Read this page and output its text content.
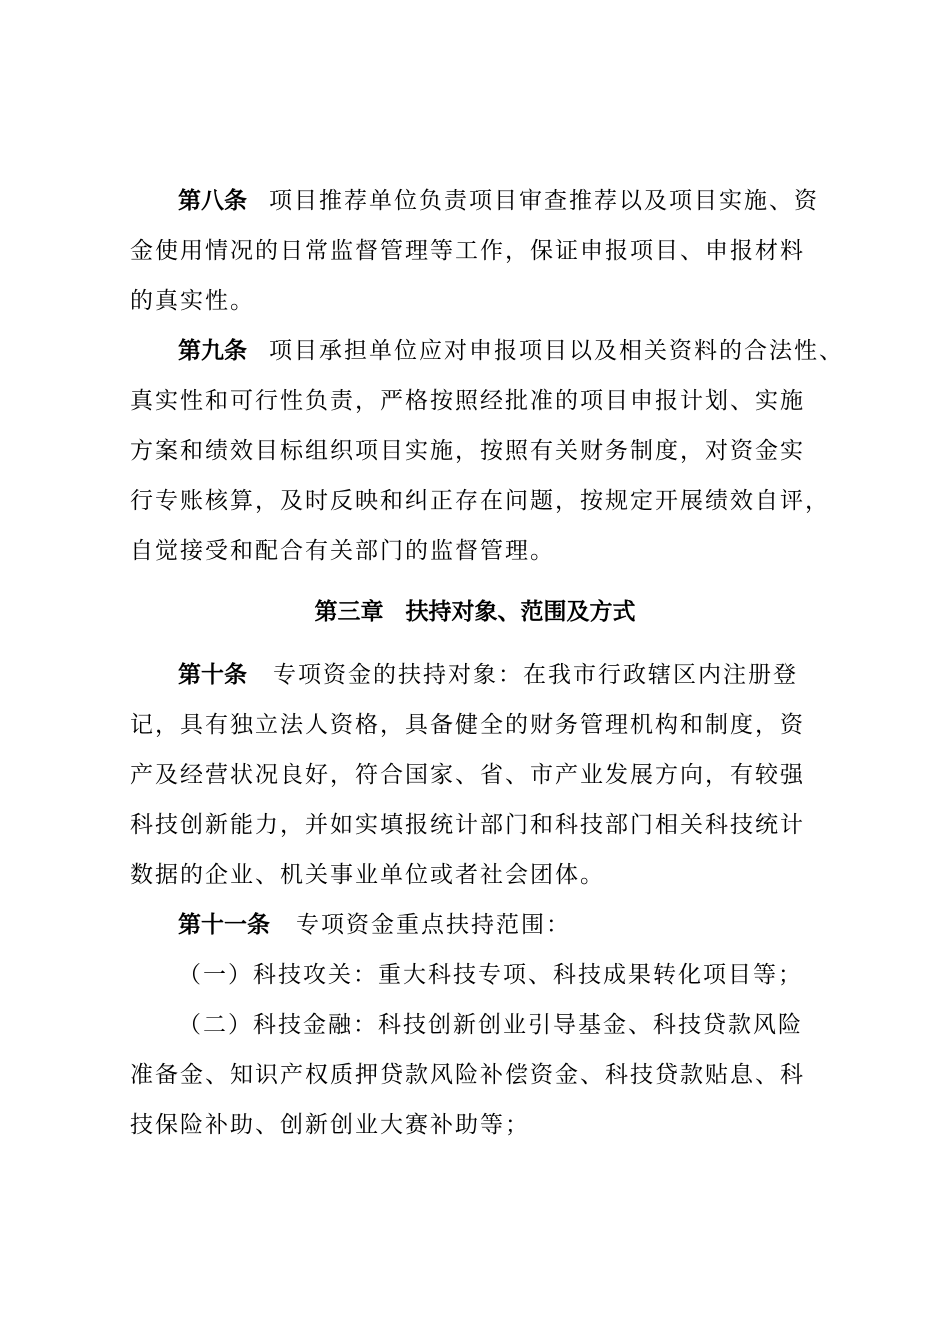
第八条 项目推荐单位负责项目审查推荐以及项目实施、资
金使用情况的日常监督管理等工作，保证申报项目、申报材料
的真实性。
第九条 项目承担单位应对申报项目以及相关资料的合法性、
真实性和可行性负责，严格按照经批准的项目申报计划、实施
方案和绩效目标组织项目实施，按照有关财务制度，对资金实
行专账核算，及时反映和纠正存在问题，按规定开展绩效自评，
自觉接受和配合有关部门的监督管理。
第三章 扶持对象、范围及方式
第十条 专项资金的扶持对象：在我市行政辖区内注册登
记，具有独立法人资格，具备健全的财务管理机构和制度，资
产及经营状况良好，符合国家、省、市产业发展方向，有较强
科技创新能力，并如实填报统计部门和科技部门相关科技统计
数据的企业、机关事业单位或者社会团体。
第十一条 专项资金重点扶持范围：
（一）科技攻关：重大科技专项、科技成果转化项目等；
（二）科技金融：科技创新创业引导基金、科技贷款风险
准备金、知识产权质押贷款风险补偿资金、科技贷款贴息、科
技保险补助、创新创业大赛补助等；
